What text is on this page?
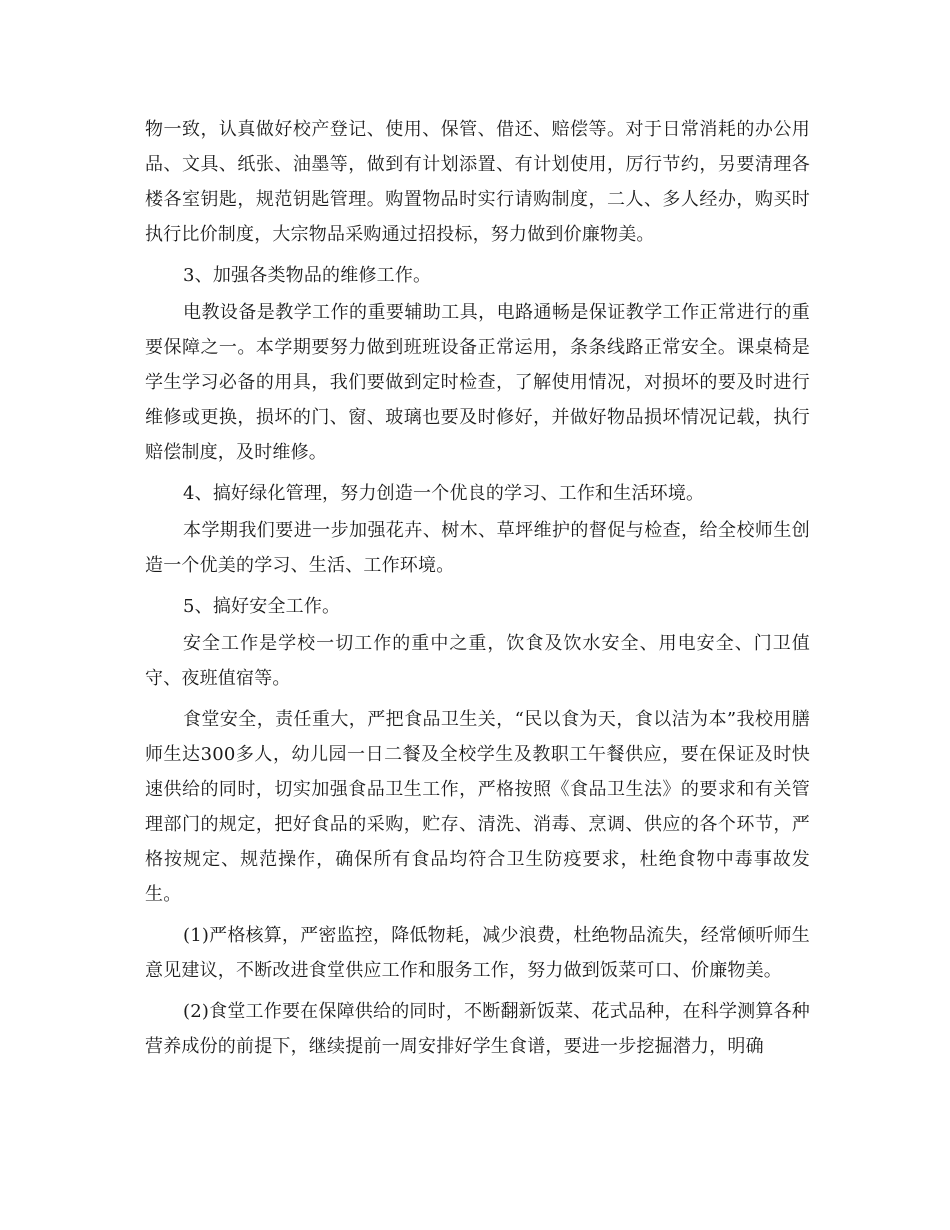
物一致，认真做好校产登记、使用、保管、借还、赔偿等。对于日常消耗的办公用品、文具、纸张、油墨等，做到有计划添置、有计划使用，厉行节约，另要清理各楼各室钥匙，规范钥匙管理。购置物品时实行请购制度，二人、多人经办，购买时执行比价制度，大宗物品采购通过招投标，努力做到价廉物美。

3、加强各类物品的维修工作。

电教设备是教学工作的重要辅助工具，电路通畅是保证教学工作正常进行的重要保障之一。本学期要努力做到班班设备正常运用，条条线路正常安全。课桌椅是学生学习必备的用具，我们要做到定时检查，了解使用情况，对损坏的要及时进行维修或更换，损坏的门、窗、玻璃也要及时修好，并做好物品损坏情况记载，执行赔偿制度，及时维修。

4、搞好绿化管理，努力创造一个优良的学习、工作和生活环境。

本学期我们要进一步加强花卉、树木、草坪维护的督促与检查，给全校师生创造一个优美的学习、生活、工作环境。

5、搞好安全工作。

安全工作是学校一切工作的重中之重，饮食及饮水安全、用电安全、门卫值守、夜班值宿等。

食堂安全，责任重大，严把食品卫生关，“民以食为天，食以洁为本”我校用膳师生达300多人，幼儿园一日二餐及全校学生及教职工午餐供应，要在保证及时快速供给的同时，切实加强食品卫生工作，严格按照《食品卫生法》的要求和有关管理部门的规定，把好食品的采购，贮存、清洗、消毒、烹调、供应的各个环节，严格按规定、规范操作，确保所有食品均符合卫生防疫要求，杜绝食物中毒事故发生。

(1)严格核算，严密监控，降低物耗，减少浪费，杜绝物品流失，经常倾听师生意见建议，不断改进食堂供应工作和服务工作，努力做到饭菜可口、价廉物美。

(2)食堂工作要在保障供给的同时，不断翻新饭菜、花式品种，在科学测算各种营养成份的前提下，继续提前一周安排好学生食谱，要进一步挖掘潜力，明确
